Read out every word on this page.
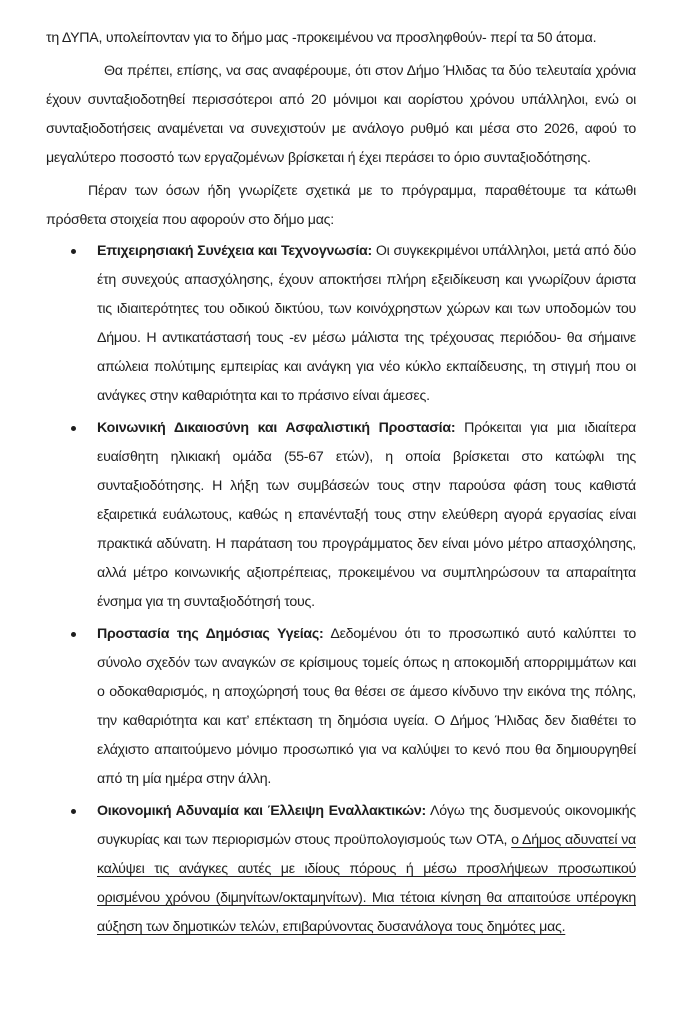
τη ΔΥΠΑ, υπολείπονταν για το δήμο μας -προκειμένου να προσληφθούν- περί τα 50 άτομα.

Θα πρέπει, επίσης, να σας αναφέρουμε, ότι στον Δήμο Ήλιδας τα δύο τελευταία χρόνια έχουν συνταξιοδοτηθεί περισσότεροι από 20 μόνιμοι και αορίστου χρόνου υπάλληλοι, ενώ οι συνταξιοδοτήσεις αναμένεται να συνεχιστούν με ανάλογο ρυθμό και μέσα στο 2026, αφού το μεγαλύτερο ποσοστό των εργαζομένων βρίσκεται ή έχει περάσει το όριο συνταξιοδότησης.

Πέραν των όσων ήδη γνωρίζετε σχετικά με το πρόγραμμα, παραθέτουμε τα κάτωθι πρόσθετα στοιχεία που αφορούν στο δήμο μας:

Επιχειρησιακή Συνέχεια και Τεχνογνωσία: Οι συγκεκριμένοι υπάλληλοι, μετά από δύο έτη συνεχούς απασχόλησης, έχουν αποκτήσει πλήρη εξειδίκευση και γνωρίζουν άριστα τις ιδιαιτερότητες του οδικού δικτύου, των κοινόχρηστων χώρων και των υποδομών του Δήμου. Η αντικατάστασή τους -εν μέσω μάλιστα της τρέχουσας περιόδου- θα σήμαινε απώλεια πολύτιμης εμπειρίας και ανάγκη για νέο κύκλο εκπαίδευσης, τη στιγμή που οι ανάγκες στην καθαριότητα και το πράσινο είναι άμεσες.
Κοινωνική Δικαιοσύνη και Ασφαλιστική Προστασία: Πρόκειται για μια ιδιαίτερα ευαίσθητη ηλικιακή ομάδα (55-67 ετών), η οποία βρίσκεται στο κατώφλι της συνταξιοδότησης. Η λήξη των συμβάσεών τους στην παρούσα φάση τους καθιστά εξαιρετικά ευάλωτους, καθώς η επανένταξή τους στην ελεύθερη αγορά εργασίας είναι πρακτικά αδύνατη. Η παράταση του προγράμματος δεν είναι μόνο μέτρο απασχόλησης, αλλά μέτρο κοινωνικής αξιοπρέπειας, προκειμένου να συμπληρώσουν τα απαραίτητα ένσημα για τη συνταξιοδότησή τους.
Προστασία της Δημόσιας Υγείας: Δεδομένου ότι το προσωπικό αυτό καλύπτει το σύνολο σχεδόν των αναγκών σε κρίσιμους τομείς όπως η αποκομιδή απορριμμάτων και ο οδοκαθαρισμός, η αποχώρησή τους θα θέσει σε άμεσο κίνδυνο την εικόνα της πόλης, την καθαριότητα και κατ’ επέκταση τη δημόσια υγεία. Ο Δήμος Ήλιδας δεν διαθέτει το ελάχιστο απαιτούμενο μόνιμο προσωπικό για να καλύψει το κενό που θα δημιουργηθεί από τη μία ημέρα στην άλλη.
Οικονομική Αδυναμία και Έλλειψη Εναλλακτικών: Λόγω της δυσμενούς οικονομικής συγκυρίας και των περιορισμών στους προϋπολογισμούς των ΟΤΑ, ο Δήμος αδυνατεί να καλύψει τις ανάγκες αυτές με ιδίους πόρους ή μέσω προσλήψεων προσωπικού ορισμένου χρόνου (διμηνίτων/οκταμηνίτων). Μια τέτοια κίνηση θα απαιτούσε υπέρογκη αύξηση των δημοτικών τελών, επιβαρύνοντας δυσανάλογα τους δημότες μας.
